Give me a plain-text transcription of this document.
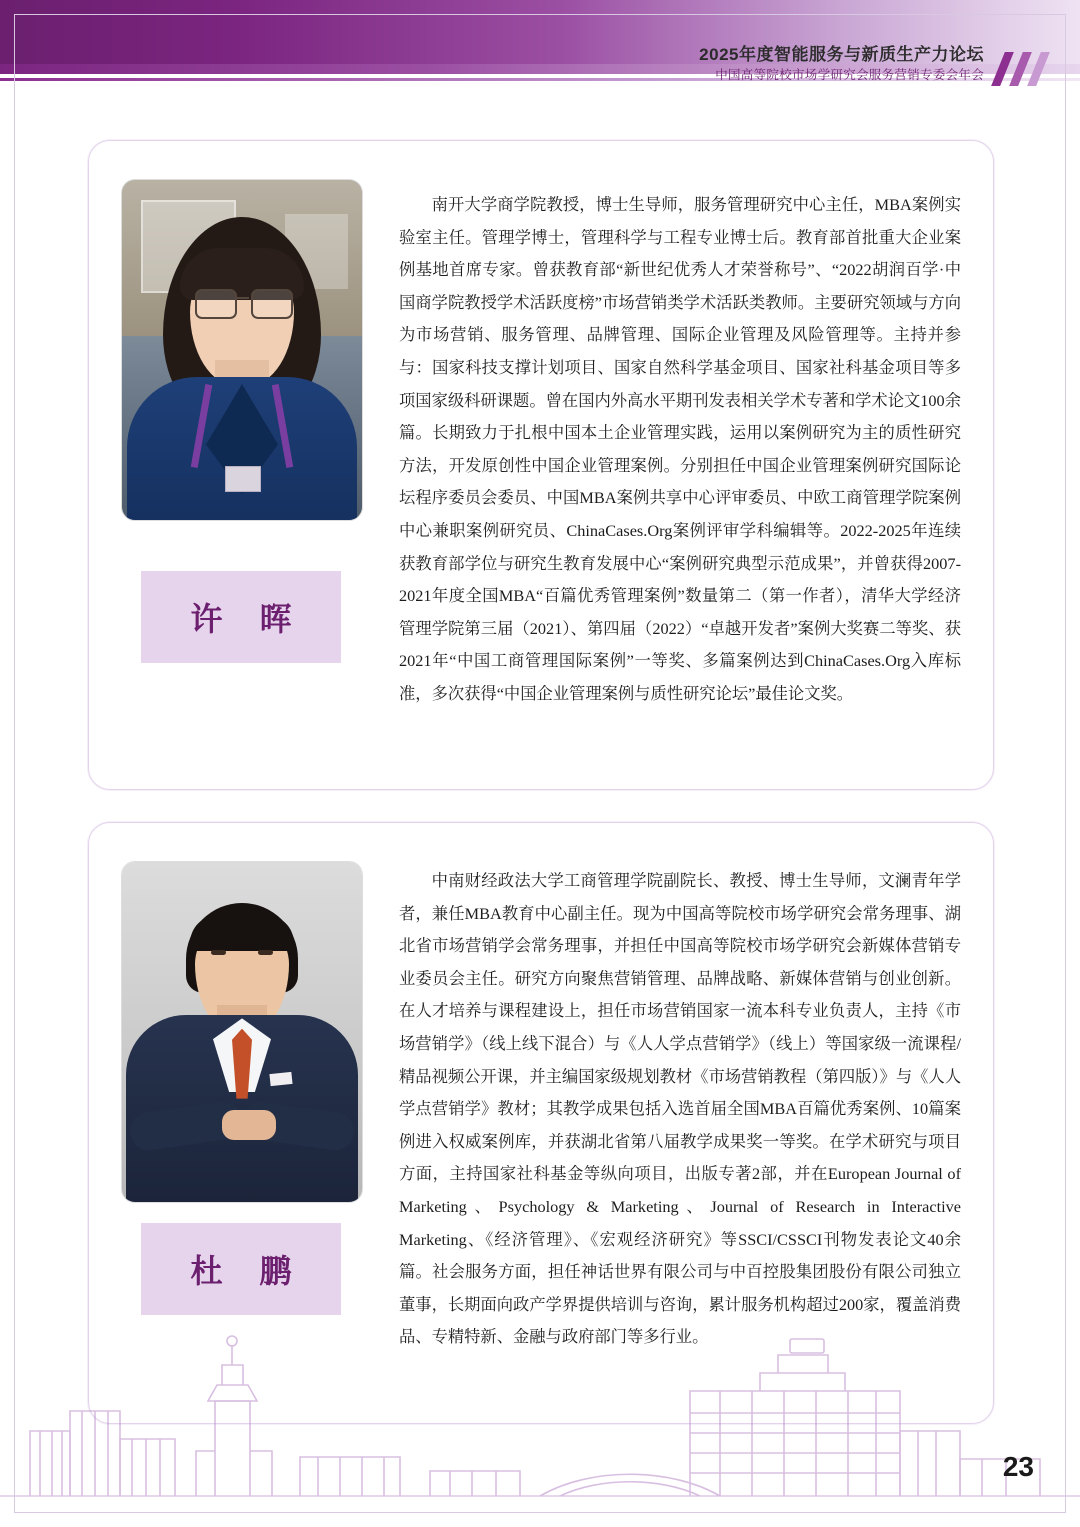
2025年度智能服务与新质生产力论坛
中国高等院校市场学研究会服务营销专委会年会
许 晖
南开大学商学院教授，博士生导师，服务管理研究中心主任，MBA案例实验室主任。管理学博士，管理科学与工程专业博士后。教育部首批重大企业案例基地首席专家。曾获教育部“新世纪优秀人才荣誉称号”、“2022胡润百学·中国商学院教授学术活跃度榜”市场营销类学术活跃类教师。主要研究领域与方向为市场营销、服务管理、品牌管理、国际企业管理及风险管理等。主持并参与：国家科技支撑计划项目、国家自然科学基金项目、国家社科基金项目等多项国家级科研课题。曾在国内外高水平期刊发表相关学术专著和学术论文100余篇。长期致力于扎根中国本土企业管理实践，运用以案例研究为主的质性研究方法，开发原创性中国企业管理案例。分别担任中国企业管理案例研究国际论坛程序委员会委员、中国MBA案例共享中心评审委员、中欧工商管理学院案例中心兼职案例研究员、ChinaCases.Org案例评审学科编辑等。2022-2025年连续获教育部学位与研究生教育发展中心“案例研究典型示范成果”，并曾获得2007-2021年度全国MBA“百篇优秀管理案例”数量第二（第一作者），清华大学经济管理学院第三届（2021）、第四届（2022）“卓越开发者”案例大奖赛二等奖、获2021年“中国工商管理国际案例”一等奖、多篇案例达到ChinaCases.Org入库标准，多次获得“中国企业管理案例与质性研究论坛”最佳论文奖。
杜 鹏
中南财经政法大学工商管理学院副院长、教授、博士生导师，文澜青年学者，兼任MBA教育中心副主任。现为中国高等院校市场学研究会常务理事、湖北省市场营销学会常务理事，并担任中国高等院校市场学研究会新媒体营销专业委员会主任。研究方向聚焦营销管理、品牌战略、新媒体营销与创业创新。在人才培养与课程建设上，担任市场营销国家一流本科专业负责人，主持《市场营销学》（线上线下混合）与《人人学点营销学》（线上）等国家级一流课程/精品视频公开课，并主编国家级规划教材《市场营销教程（第四版）》与《人人学点营销学》教材；其教学成果包括入选首届全国MBA百篇优秀案例、10篇案例进入权威案例库，并获湖北省第八届教学成果奖一等奖。在学术研究与项目方面，主持国家社科基金等纵向项目，出版专著2部，并在European Journal of Marketing、Psychology & Marketing、Journal of Research in Interactive Marketing、《经济管理》、《宏观经济研究》等SSCI/CSSCI刊物发表论文40余篇。社会服务方面，担任神话世界有限公司与中百控股集团股份有限公司独立董事，长期面向政产学界提供培训与咨询，累计服务机构超过200家，覆盖消费品、专精特新、金融与政府部门等多行业。
23
